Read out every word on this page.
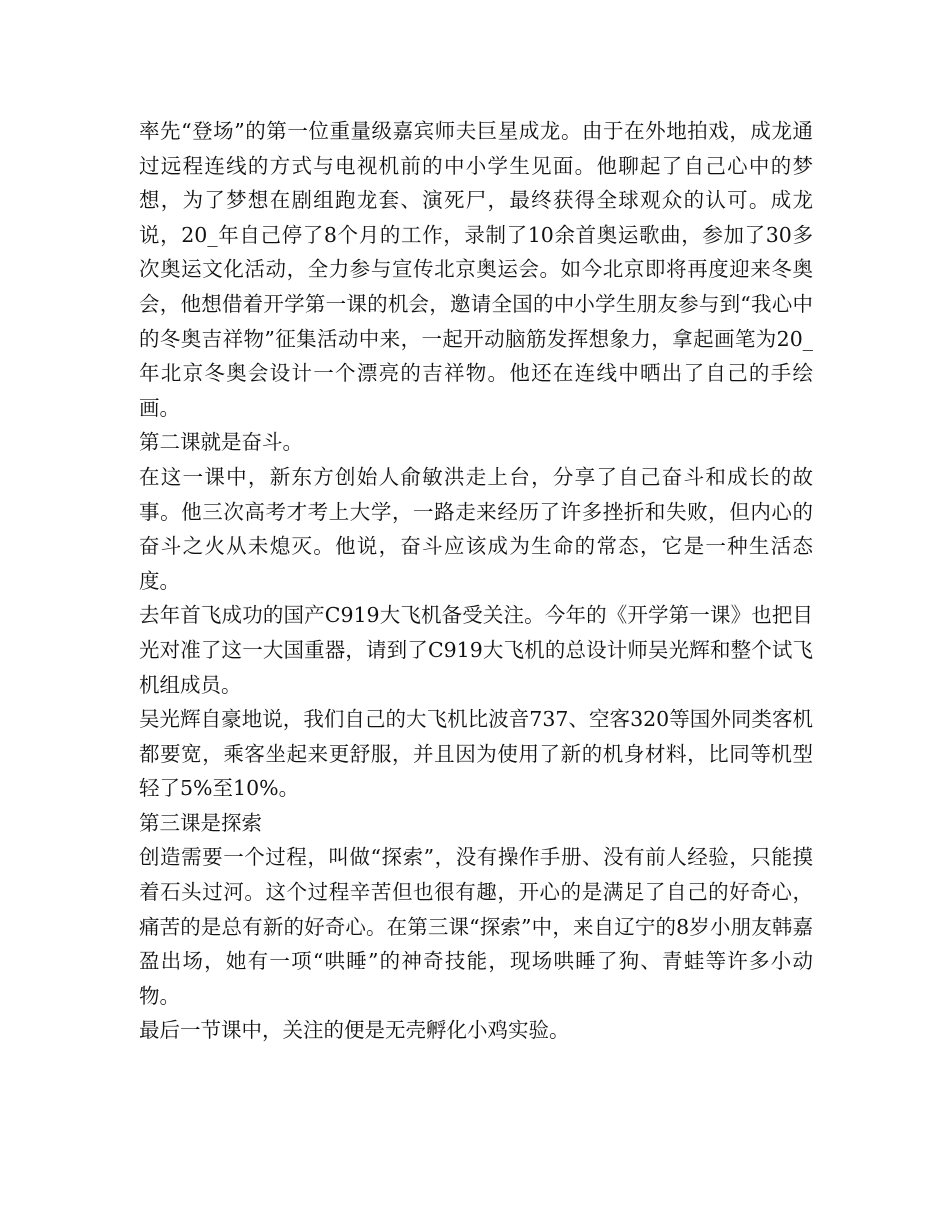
率先“登场”的第一位重量级嘉宾师夫巨星成龙。由于在外地拍戏，成龙通过远程连线的方式与电视机前的中小学生见面。他聊起了自己心中的梦想，为了梦想在剧组跑龙套、演死尸，最终获得全球观众的认可。成龙说，20_年自己停了8个月的工作，录制了10余首奥运歌曲，参加了30多次奥运文化活动，全力参与宣传北京奥运会。如今北京即将再度迎来冬奥会，他想借着开学第一课的机会，邀请全国的中小学生朋友参与到“我心中的冬奥吉祥物”征集活动中来，一起开动脑筋发挥想象力，拿起画笔为20_年北京冬奥会设计一个漂亮的吉祥物。他还在连线中晒出了自己的手绘画。

第二课就是奋斗。

在这一课中，新东方创始人俞敏洪走上台，分享了自己奋斗和成长的故事。他三次高考才考上大学，一路走来经历了许多挫折和失败，但内心的奋斗之火从未熄灭。他说，奋斗应该成为生命的常态，它是一种生活态度。

去年首飞成功的国产C919大飞机备受关注。今年的《开学第一课》也把目光对准了这一大国重器，请到了C919大飞机的总设计师吴光辉和整个试飞机组成员。

吴光辉自豪地说，我们自己的大飞机比波音737、空客320等国外同类客机都要宽，乘客坐起来更舒服，并且因为使用了新的机身材料，比同等机型轻了5%至10%。

第三课是探索

创造需要一个过程，叫做“探索”，没有操作手册、没有前人经验，只能摸着石头过河。这个过程辛苦但也很有趣，开心的是满足了自己的好奇心，痛苦的是总有新的好奇心。在第三课“探索”中，来自辽宁的8岁小朋友韩嘉盈出场，她有一项“哄睡”的神奇技能，现场哄睡了狗、青蛙等许多小动物。

最后一节课中，关注的便是无壳孵化小鸡实验。
